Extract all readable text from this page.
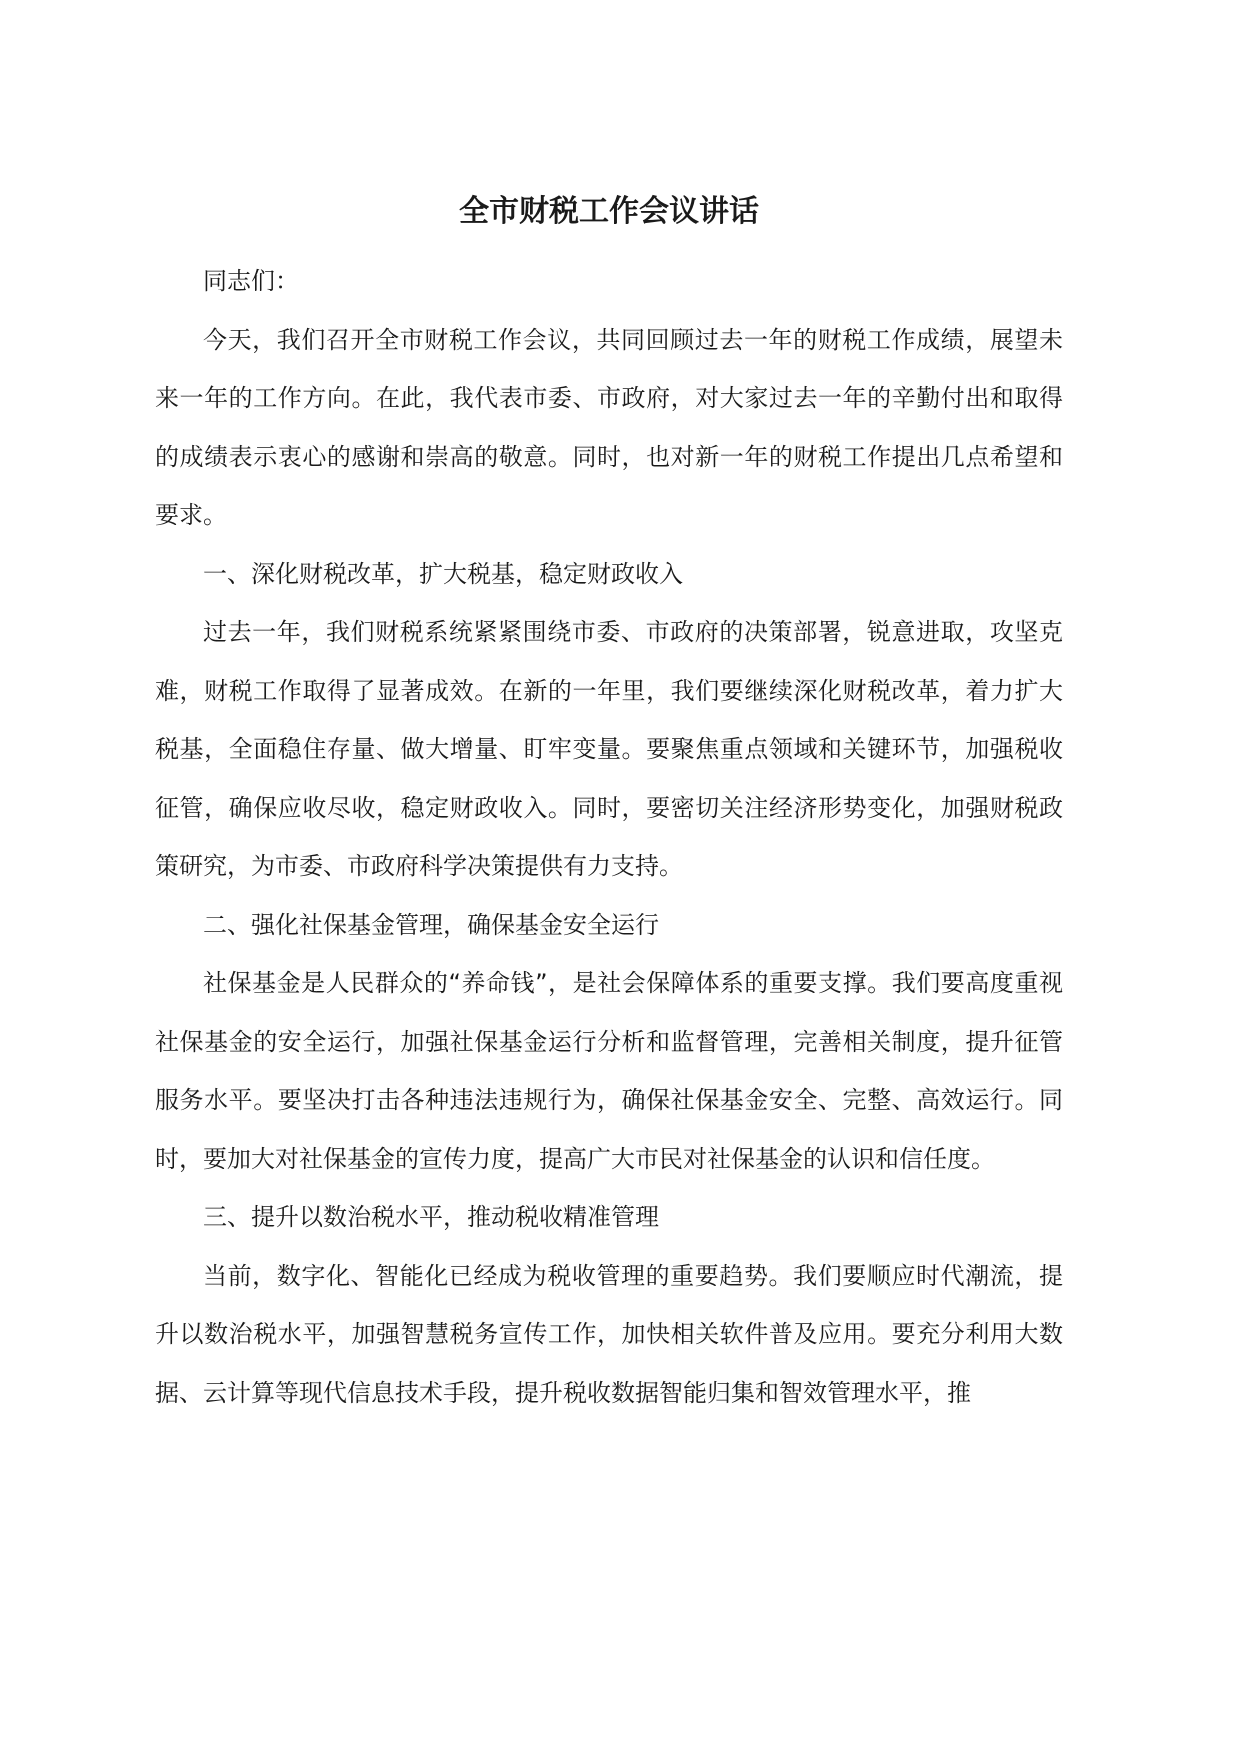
全市财税工作会议讲话

同志们：

今天，我们召开全市财税工作会议，共同回顾过去一年的财税工作成绩，展望未来一年的工作方向。在此，我代表市委、市政府，对大家过去一年的辛勤付出和取得的成绩表示衷心的感谢和崇高的敬意。同时，也对新一年的财税工作提出几点希望和要求。

一、深化财税改革，扩大税基，稳定财政收入

过去一年，我们财税系统紧紧围绕市委、市政府的决策部署，锐意进取，攻坚克难，财税工作取得了显著成效。在新的一年里，我们要继续深化财税改革，着力扩大税基，全面稳住存量、做大增量、盯牢变量。要聚焦重点领域和关键环节，加强税收征管，确保应收尽收，稳定财政收入。同时，要密切关注经济形势变化，加强财税政策研究，为市委、市政府科学决策提供有力支持。

二、强化社保基金管理，确保基金安全运行

社保基金是人民群众的“养命钱”，是社会保障体系的重要支撑。我们要高度重视社保基金的安全运行，加强社保基金运行分析和监督管理，完善相关制度，提升征管服务水平。要坚决打击各种违法违规行为，确保社保基金安全、完整、高效运行。同时，要加大对社保基金的宣传力度，提高广大市民对社保基金的认识和信任度。

三、提升以数治税水平，推动税收精准管理

当前，数字化、智能化已经成为税收管理的重要趋势。我们要顺应时代潮流，提升以数治税水平，加强智慧税务宣传工作，加快相关软件普及应用。要充分利用大数据、云计算等现代信息技术手段，提升税收数据智能归集和智效管理水平，推
